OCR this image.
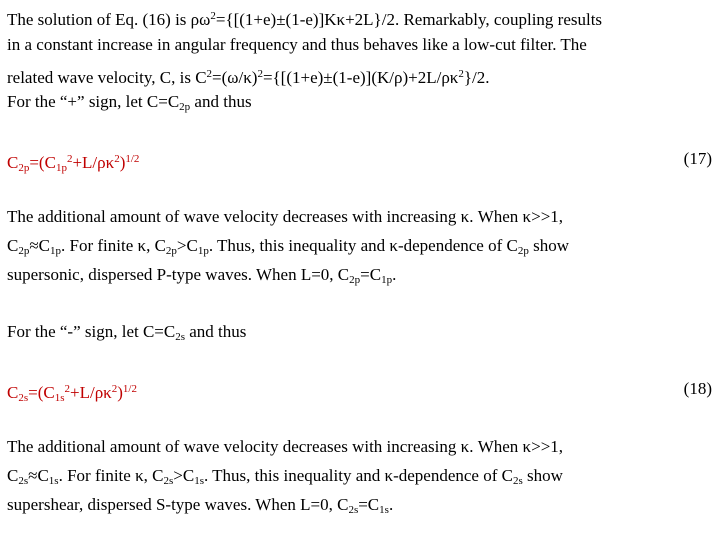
The solution of Eq. (16) is $\rho\omega^2=\{[(1+e)\pm(1-e)]K\kappa+2L\}/2$. Remarkably, coupling results
in a constant increase in angular frequency and thus behaves like a low-cut filter. The
related wave velocity, C, is $C^2=(\omega/\kappa)^2=\{[(1+e)\pm(1-e)](K/\rho)+2L/\rho\kappa^2\}/2$.
For the “+” sign, let $C=C_{2p}$ and thus
$C_{2p}=(C_{1p}^2+L/\rho\kappa^2)^{1/2}$	(17)
The additional amount of wave velocity decreases with increasing κ. When κ>>1,
$C_{2p}\approx C_{1p}$. For finite κ, $C_{2p}>C_{1p}$. Thus, this inequality and κ-dependence of $C_{2p}$ show
supersonic, dispersed P-type waves. When L=0, $C_{2p}=C_{1p}$.
For the “-” sign, let $C=C_{2s}$ and thus
$C_{2s}=(C_{1s}^2+L/\rho\kappa^2)^{1/2}$	(18)
The additional amount of wave velocity decreases with increasing κ. When κ>>1,
$C_{2s}\approx C_{1s}$. For finite κ, $C_{2s}>C_{1s}$. Thus, this inequality and κ-dependence of $C_{2s}$ show
supershear, dispersed S-type waves. When L=0, $C_{2s}=C_{1s}$.
